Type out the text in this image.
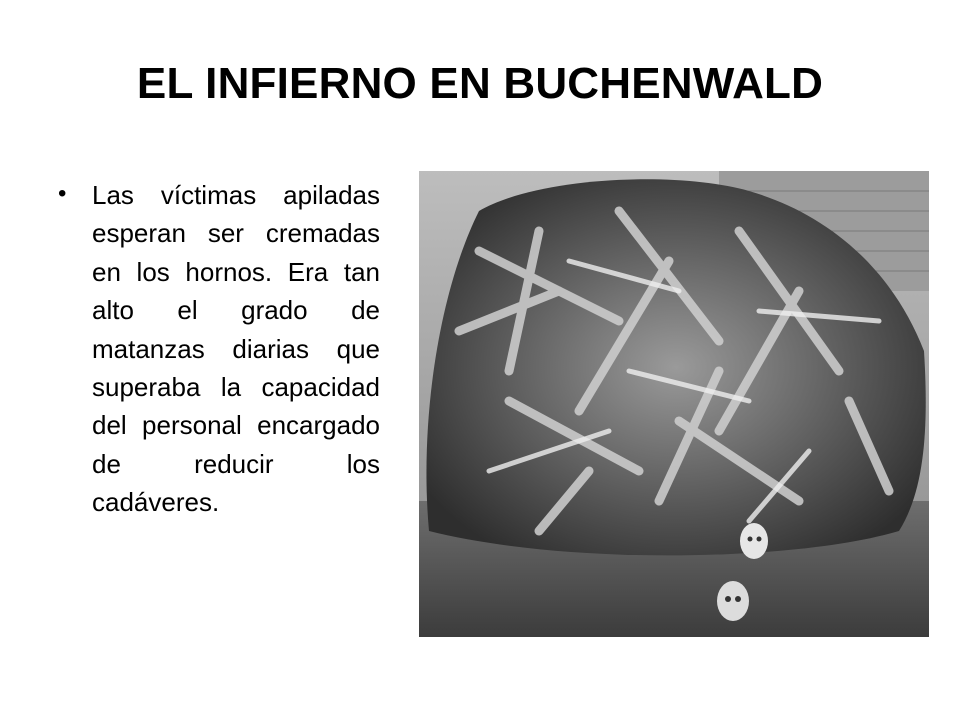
EL INFIERNO EN BUCHENWALD
• Las víctimas apiladas esperan ser cremadas en los hornos. Era tan alto el grado de matanzas diarias que superaba la capacidad del personal encargado de reducir los cadáveres.
